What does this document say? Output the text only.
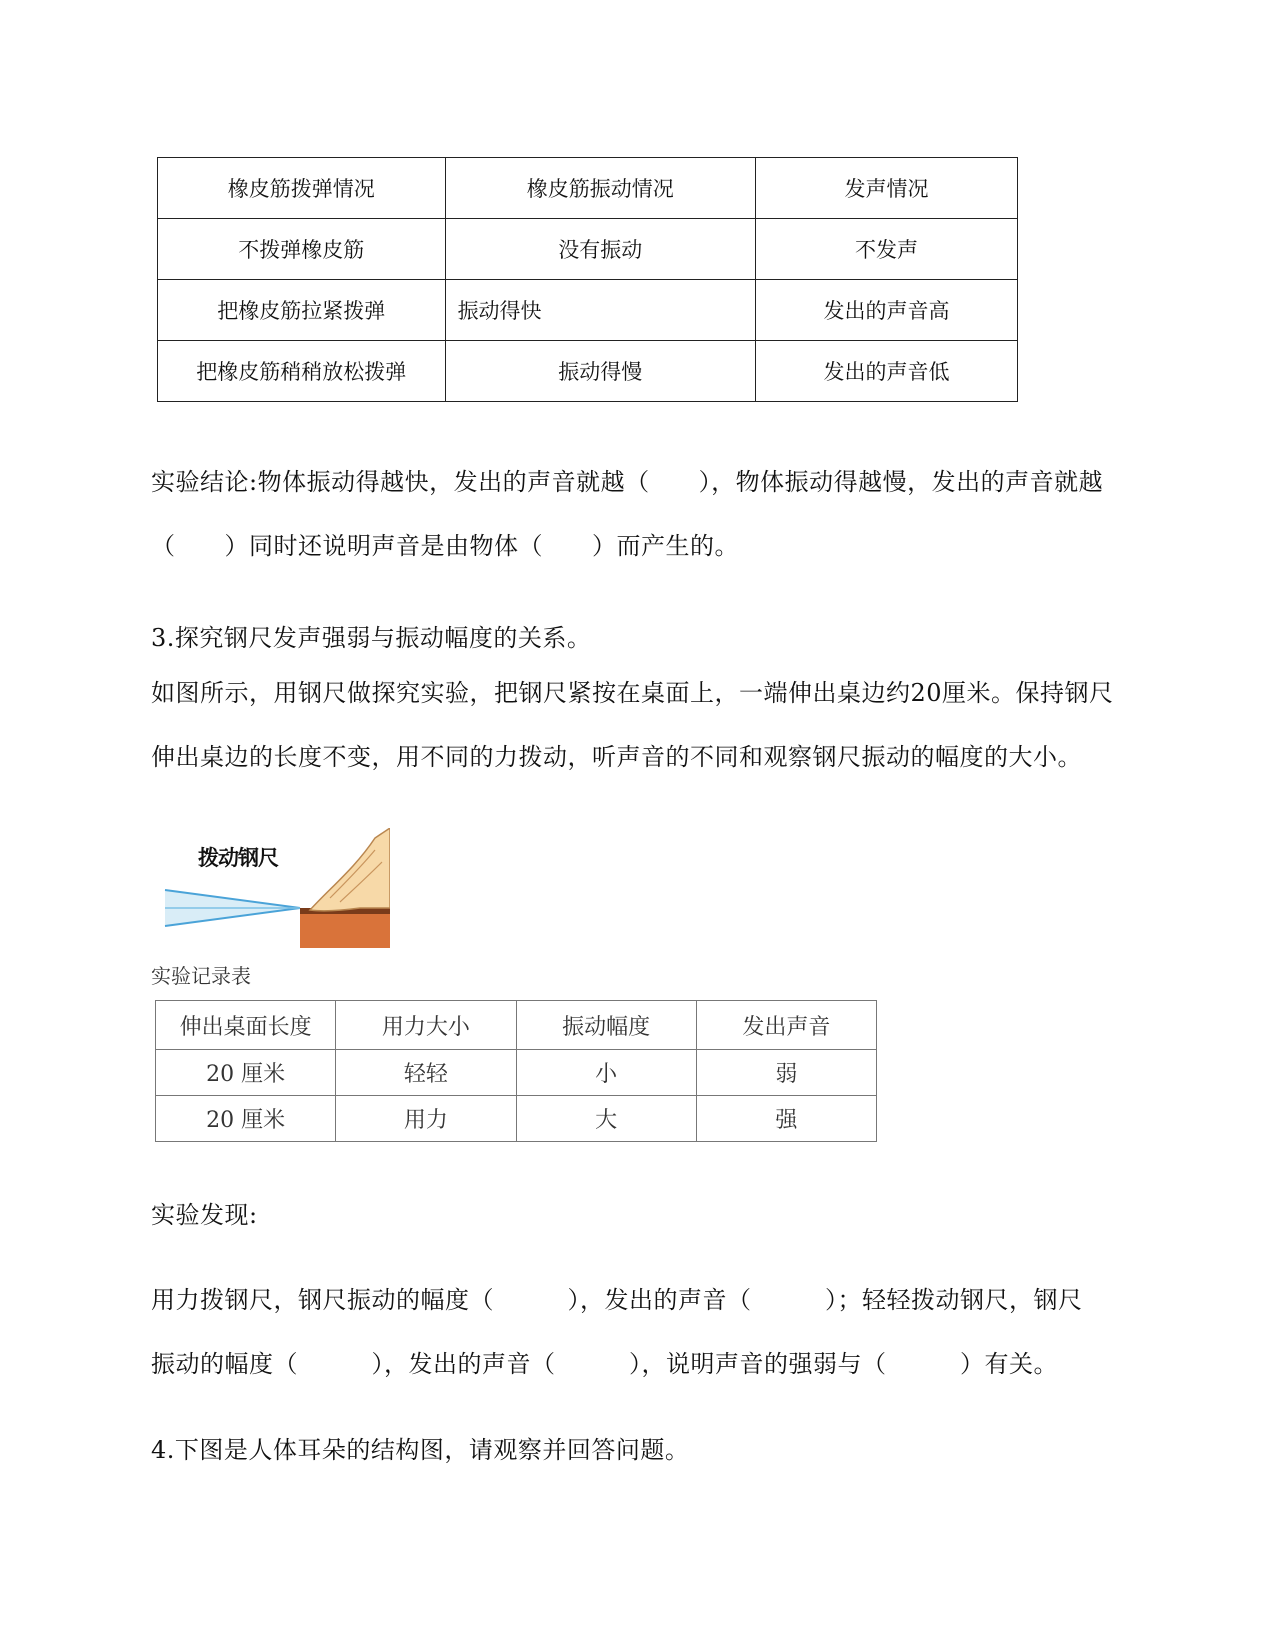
橡皮筋拨弹情况	橡皮筋振动情况	发声情况
不拨弹橡皮筋	没有振动	不发声
把橡皮筋拉紧拨弹	振动得快	发出的声音高
把橡皮筋稍稍放松拨弹	振动得慢	发出的声音低
实验结论:物体振动得越快，发出的声音就越（　　），物体振动得越慢，发出的声音就越
（　　）同时还说明声音是由物体（　　）而产生的。
3.探究钢尺发声强弱与振动幅度的关系。
如图所示，用钢尺做探究实验，把钢尺紧按在桌面上，一端伸出桌边约20厘米。保持钢尺
伸出桌边的长度不变，用不同的力拨动，听声音的不同和观察钢尺振动的幅度的大小。
拨动钢尺
实验记录表
伸出桌面长度	用力大小	振动幅度	发出声音
20 厘米	轻轻	小	弱
20 厘米	用力	大	强
实验发现:
用力拨钢尺，钢尺振动的幅度（　　　），发出的声音（　　　）；轻轻拨动钢尺，钢尺
振动的幅度（　　　），发出的声音（　　　），说明声音的强弱与（　　　）有关。
4.下图是人体耳朵的结构图，请观察并回答问题。
